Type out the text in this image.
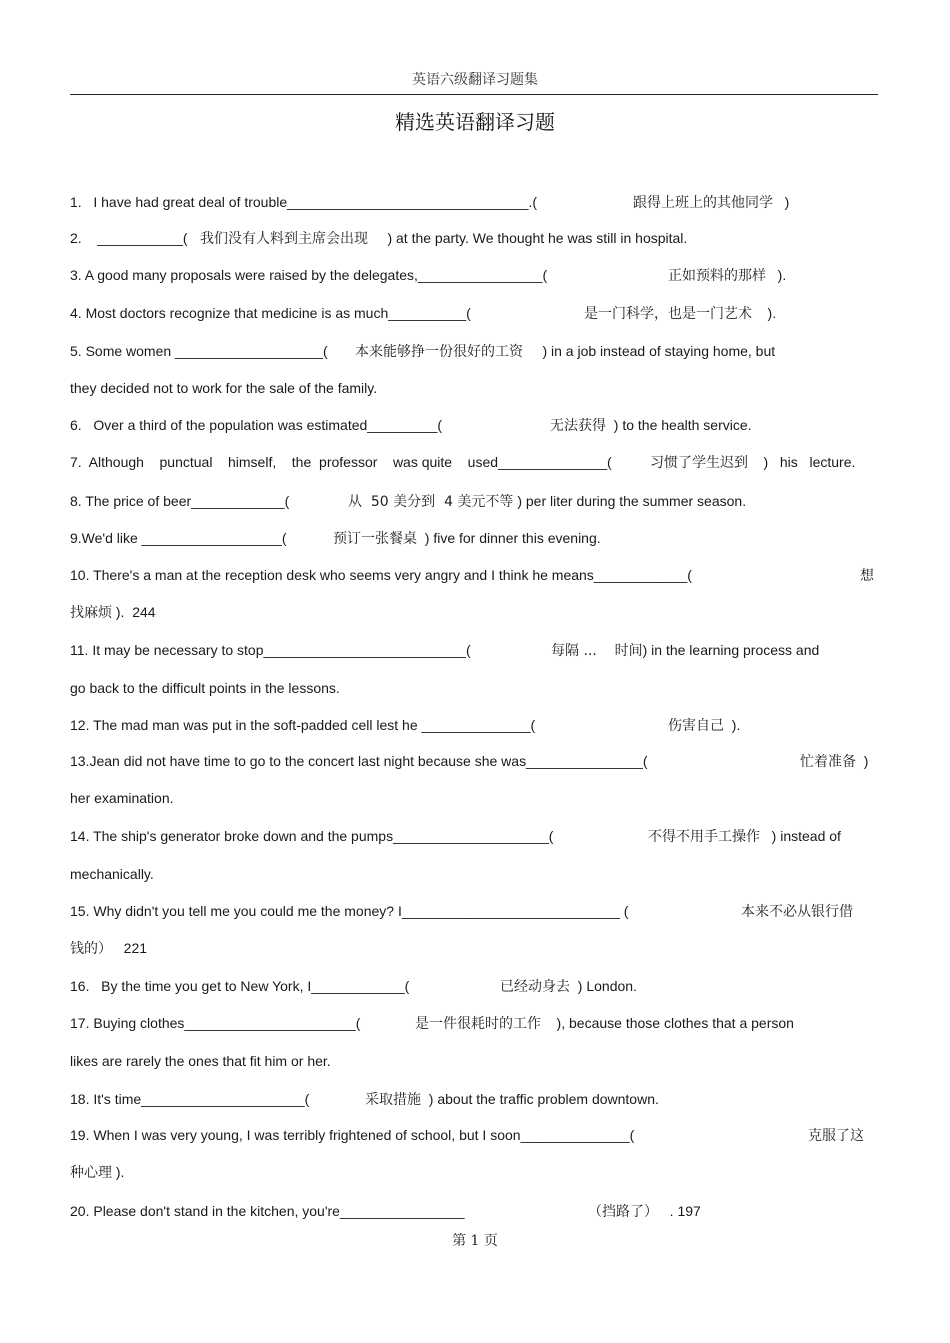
英语六级翻译习题集
精选英语翻译习题
1.   I have had great deal of trouble_______________________________.(	跟得上班上的其他同学   )
2.    ___________( 我们没有人料到主席会出现     ) at the party. We thought he was still in hospital.
3. A good many proposals were raised by the delegates,________________(	正如预料的那样   ).
4. Most doctors recognize that medicine is as much__________(	是一门科学，也是一门艺术    ).
5. Some women ___________________( 本来能够挣一份很好的工资     ) in a job instead of staying home, but
they decided not to work for the sale of the family.
6.   Over a third of the population was estimated_________(	无法获得  ) to the health service.
7.  Although    punctual    himself,    the  professor    was quite    used______________(	习惯了学生迟到    )   his   lecture.
8. The price of beer____________(	从  50 美分到  4 美元不等 ) per liter during the summer season.
9.We'd like __________________(	预订一张餐桌  ) five for dinner this evening.
10. There's a man at the reception desk who seems very angry and I think he means____________(	想
找麻烦 ).  244
11. It may be necessary to stop__________________________(	每隔 ...    时间) in the learning process and
go back to the difficult points in the lessons.
12. The mad man was put in the soft-padded cell lest he ______________(	伤害自己  ).
13.Jean did not have time to go to the concert last night because she was_______________(	忙着准备  )
her examination.
14. The ship's generator broke down and the pumps____________________(	不得不用手工操作   ) instead of
mechanically.
15. Why didn't you tell me you could me the money? I____________________________ (	本来不必从银行借
钱的）   221
16.   By the time you get to New York, I____________(	已经动身去  ) London.
17. Buying clothes______________________(	是一件很耗时的工作    ), because those clothes that a person
likes are rarely the ones that fit him or her.
18. It's time_____________________(	采取措施  ) about the traffic problem downtown.
19. When I was very young, I was terribly frightened of school, but I soon______________(	克服了这
种心理 ).
20. Please don't stand in the kitchen, you're________________	（挡路了）   . 197
第 1 页
